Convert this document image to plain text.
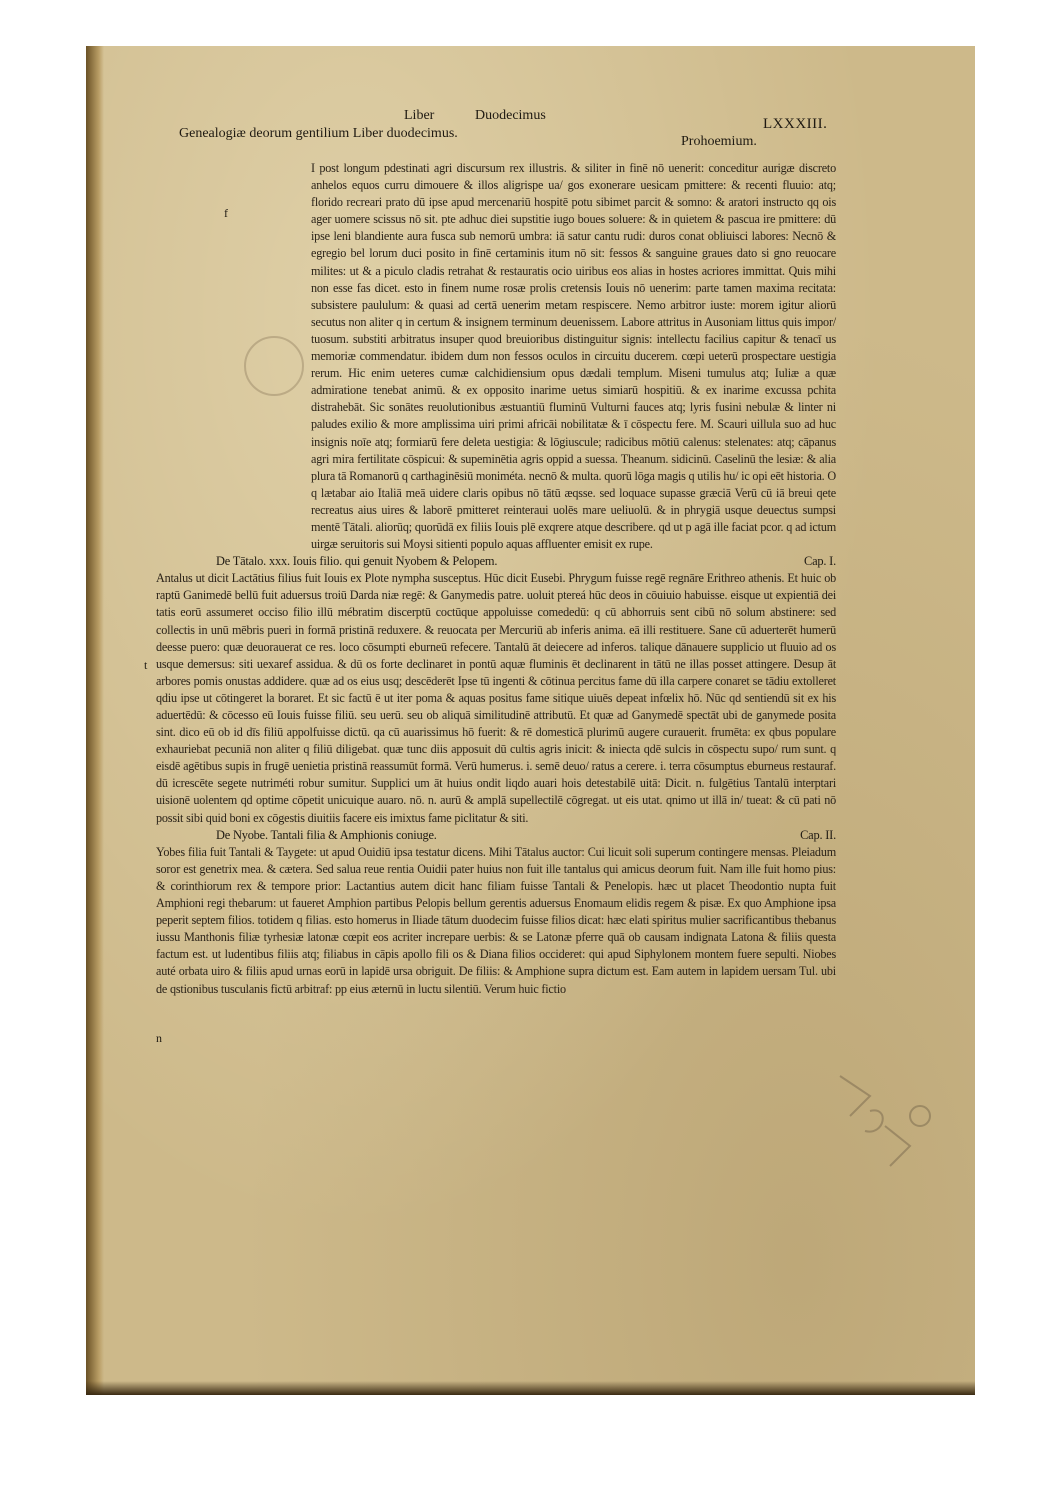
Liber	Duodecimus
LXXXIII.
Genealogiæ deorum gentilium Liber duodecimus.
Prohoemium.
f
t
n

I post longum pdestinati agri discursum rex illustris. & siliter in finē nō uenerit: conceditur aurigæ discreto anhelos equos curru dimouere & illos aligrispe ua/ gos exonerare uesicam pmittere: & recenti fluuio: atq; florido recreari prato dū ipse apud mercenariū hospitē potu sibimet parcit & somno: & aratori instructo qq ois ager uomere scissus nō sit. pte adhuc diei supstitie iugo boues soluere: & in quietem & pascua ire pmittere: dū ipse leni blandiente aura fusca sub nemorū umbra: iā satur cantu rudi: duros conat obliuisci labores: Necnō & egregio bel lorum duci posito in finē certaminis itum nō sit: fessos & sanguine graues dato si gno reuocare milites: ut & a piculo cladis retrahat & restauratis ocio uiribus eos alias in hostes acriores immittat. Quis mihi non esse fas dicet. esto in finem nume rosæ prolis cretensis Iouis nō uenerim: parte tamen maxima recitata: subsistere paululum: & quasi ad certā uenerim metam respiscere. Nemo arbitror iuste: morem igitur aliorū secutus non aliter q in certum & insignem terminum deuenissem. Labore attritus in Ausoniam littus quis impor/ tuosum. substiti arbitratus insuper quod breuioribus distinguitur signis: intellectu facilius capitur & tenacī us memoriæ commendatur. ibidem dum non fessos oculos in circuitu ducerem. cœpi ueterū prospectare uestigia rerum. Hic enim ueteres cumæ calchidiensium opus dædali templum. Miseni tumulus atq; Iuliæ a quæ admiratione tenebat animū. & ex opposito inarime uetus simiarū hospitiū. & ex inarime excussa pchita distrahebāt. Sic sonātes reuolutionibus æstuantiū fluminū Vulturni fauces atq; lyris fusini nebulæ & linter ni paludes exilio & more amplissima uiri primi africāi nobilitatæ & ī cōspectu fere. M. Scauri uillula suo ad huc insignis noīe atq; formiarū fere deleta uestigia: & lōgiuscule; radicibus mōtiū calenus: stelenates: atq; cāpanus agri mira fertilitate cōspicui: & supeminētia agris oppid a suessa. Theanum. sidicinū. Caselinū the lesiæ: & alia plura tā Romanorū q carthaginēsiū moniméta. necnō & multa. quorū lōga magis q utilis hu/ ic opi eēt historia. O q lætabar aio Italiā meā uidere claris opibus nō tātū æqsse. sed loquace supasse græciā Verū cū iā breui qete recreatus aius uires & laborē pmitteret reinteraui uolēs mare ueliuolū. & in phrygiā usque deuectus sumpsi mentē Tātali. aliorūq; quorūdā ex filiis Iouis plē exqrere atque describere. qd ut p agā ille faciat pcor. q ad ictum uirgæ seruitoris sui Moysi sitienti populo aquas affluenter emisit ex rupe.

De Tātalo. xxx. Iouis filio. qui genuit Nyobem & Pelopem.	Cap. I.

Antalus ut dicit Lactātius filius fuit Iouis ex Plote nympha susceptus. Hūc dicit Eusebi. Phrygum fuisse regē regnāre Erithreo athenis. Et huic ob raptū Ganimedē bellū fuit aduersus troiū Darda niæ regē: & Ganymedis patre. uoluit ptereá hūc deos in cōuiuio habuisse. eisque ut expientiā dei tatis eorū assumeret occiso filio illū mébratim discerptū coctūque appoluisse comededū: q cū abhorruis sent cibū nō solum abstinere: sed collectis in unū mēbris pueri in formā pristinā reduxere. & reuocata per Mercuriū ab inferis anima. eā illi restituere. Sane cū aduerterēt humerū deesse puero: quæ deuorauerat ce res. loco cōsumpti eburneū refecere. Tantalū āt deiecere ad inferos. talique dānauere supplicio ut fluuio ad os usque demersus: siti uexaref assidua. & dū os forte declinaret in pontū aquæ fluminis ēt declinarent in tātū ne illas posset attingere. Desup āt arbores pomis onustas addidere. quæ ad os eius usq; descēderēt Ipse tū ingenti & cōtinua percitus fame dū illa carpere conaret se tādiu extolleret qdiu ipse ut cōtingeret la boraret. Et sic factū ē ut iter poma & aquas positus fame sitique uiuēs depeat infœlix hō. Nūc qd sentiendū sit ex his aduertēdū: & cōcesso eū Iouis fuisse filiū. seu uerū. seu ob aliquā similitudinē attributū. Et quæ ad Ganymedē spectāt ubi de ganymede posita sint. dico eū ob id dīs filiū appolfuisse dictū. qa cū auarissimus hō fuerit: & rē domesticā plurimū augere curauerit. frumēta: ex qbus populare exhauriebat pecuniā non aliter q filiū diligebat. quæ tunc diis apposuit dū cultis agris inicit: & iniecta qdē sulcis in cōspectu supo/ rum sunt. q eisdē agētibus supis in frugē uenietia pristinā reassumūt formā. Verū humerus. i. semē deuo/ ratus a cerere. i. terra cōsumptus eburneus restauraf. dū icrescēte segete nutriméti robur sumitur. Supplici um āt huius ondit liqdo auari hois detestabilē uitā: Dicit. n. fulgētius Tantalū interptari uisionē uolentem qd optime cōpetit unicuique auaro. nō. n. aurū & amplā supellectilē cōgregat. ut eis utat. qnimo ut illā in/ tueat: & cū pati nō possit sibi quid boni ex cōgestis diuitiis facere eis imixtus fame piclitatur & siti.

De Nyobe. Tantali filia & Amphionis coniuge.	Cap. II.

Yobes filia fuit Tantali & Taygete: ut apud Ouidiū ipsa testatur dicens. Mihi Tātalus auctor: Cui licuit soli superum contingere mensas. Pleiadum soror est genetrix mea. & cætera. Sed salua reue rentia Ouidii pater huius non fuit ille tantalus qui amicus deorum fuit. Nam ille fuit homo pius: & corinthiorum rex & tempore prior: Lactantius autem dicit hanc filiam fuisse Tantali & Penelopis. hæc ut placet Theodontio nupta fuit Amphioni regi thebarum: ut faueret Amphion partibus Pelopis bellum gerentis aduersus Enomaum elidis regem & pisæ. Ex quo Amphione ipsa peperit septem filios. totidem q filias. esto homerus in Iliade tātum duodecim fuisse filios dicat: hæc elati spiritus mulier sacrificantibus thebanus iussu Manthonis filiæ tyrhesiæ latonæ cœpit eos acriter increpare uerbis: & se Latonæ pferre quā ob causam indignata Latona & filiis questa factum est. ut ludentibus filiis atq; filiabus in cāpis apollo fili os & Diana filios occideret: qui apud Siphylonem montem fuere sepulti. Niobes auté orbata uiro & filiis apud urnas eorū in lapidē ursa obriguit. De filiis: & Amphione supra dictum est. Eam autem in lapidem uersam Tul. ubi de qstionibus tusculanis fictū arbitraf: pp eius æternū in luctu silentiū. Verum huic fictio
